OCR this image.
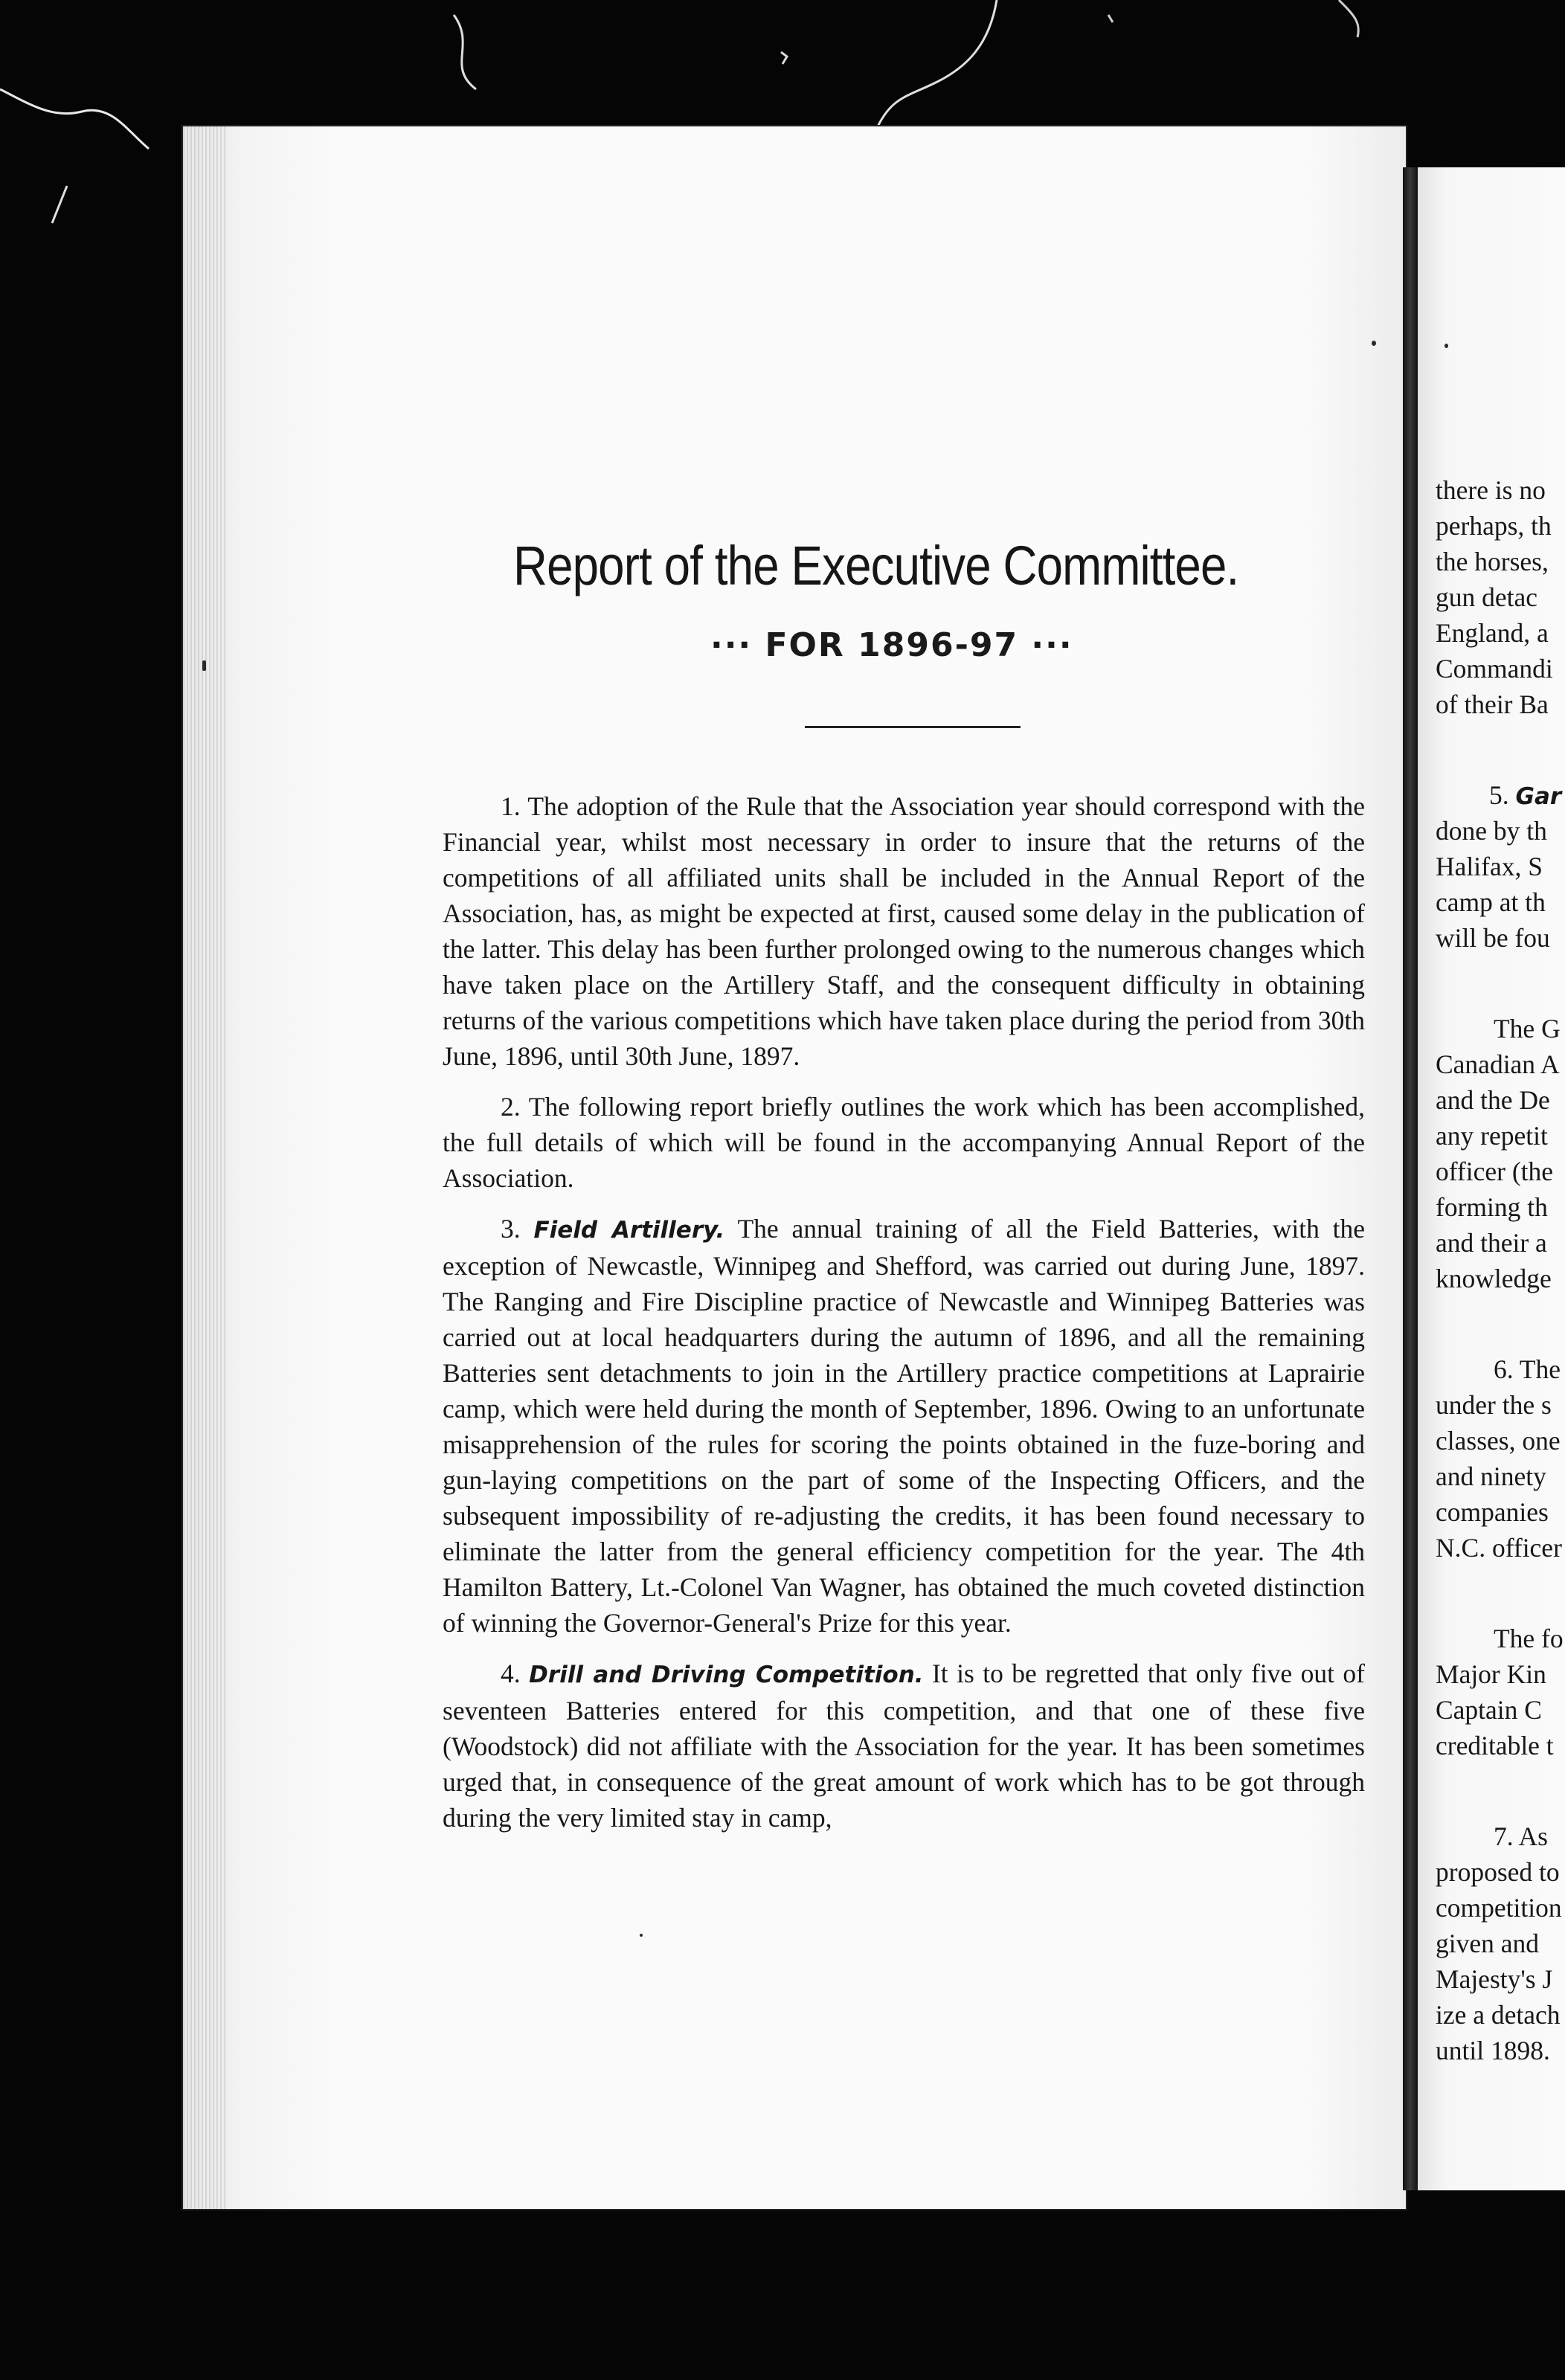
Report of the Executive Committee.
··· FOR 1896-97 ···

1. The adoption of the Rule that the Association year should correspond with the Financial year, whilst most necessary in order to insure that the returns of the competitions of all affiliated units shall be included in the Annual Report of the Association, has, as might be expected at first, caused some delay in the publication of the latter. This delay has been further prolonged owing to the numerous changes which have taken place on the Artillery Staff, and the consequent difficulty in obtaining returns of the various competitions which have taken place during the period from 30th June, 1896, until 30th June, 1897.

2. The following report briefly outlines the work which has been accomplished, the full details of which will be found in the accompanying Annual Report of the Association.

3. Field Artillery. The annual training of all the Field Batteries, with the exception of Newcastle, Winnipeg and Shefford, was carried out during June, 1897. The Ranging and Fire Discipline practice of Newcastle and Winnipeg Batteries was carried out at local headquarters during the autumn of 1896, and all the remaining Batteries sent detachments to join in the Artillery practice competitions at Laprairie camp, which were held during the month of September, 1896. Owing to an unfortunate misapprehension of the rules for scoring the points obtained in the fuze-boring and gun-laying competitions on the part of some of the Inspecting Officers, and the subsequent impossibility of re-adjusting the credits, it has been found necessary to eliminate the latter from the general efficiency competition for the year. The 4th Hamilton Battery, Lt.-Colonel Van Wagner, has obtained the much coveted distinction of winning the Governor-General's Prize for this year.

4. Drill and Driving Competition. It is to be regretted that only five out of seventeen Batteries entered for this competition, and that one of these five (Woodstock) did not affiliate with the Association for the year. It has been sometimes urged that, in consequence of the great amount of work which has to be got through during the very limited stay in camp,

there is no
perhaps, th
the horses,
gun detac
England, a
Commandi
of their Ba
5. Gar
done by th
Halifax, S
camp at th
will be fou
The G
Canadian A
and the De
any repetit
officer (the
forming th
and their a
knowledge
6. The
under the s
classes, one
and ninety
companies
N.C. officer
The fo
Major Kin
Captain C
creditable t
7. As
proposed to
competition
given and
Majesty's J
ize a detach
until 1898.
